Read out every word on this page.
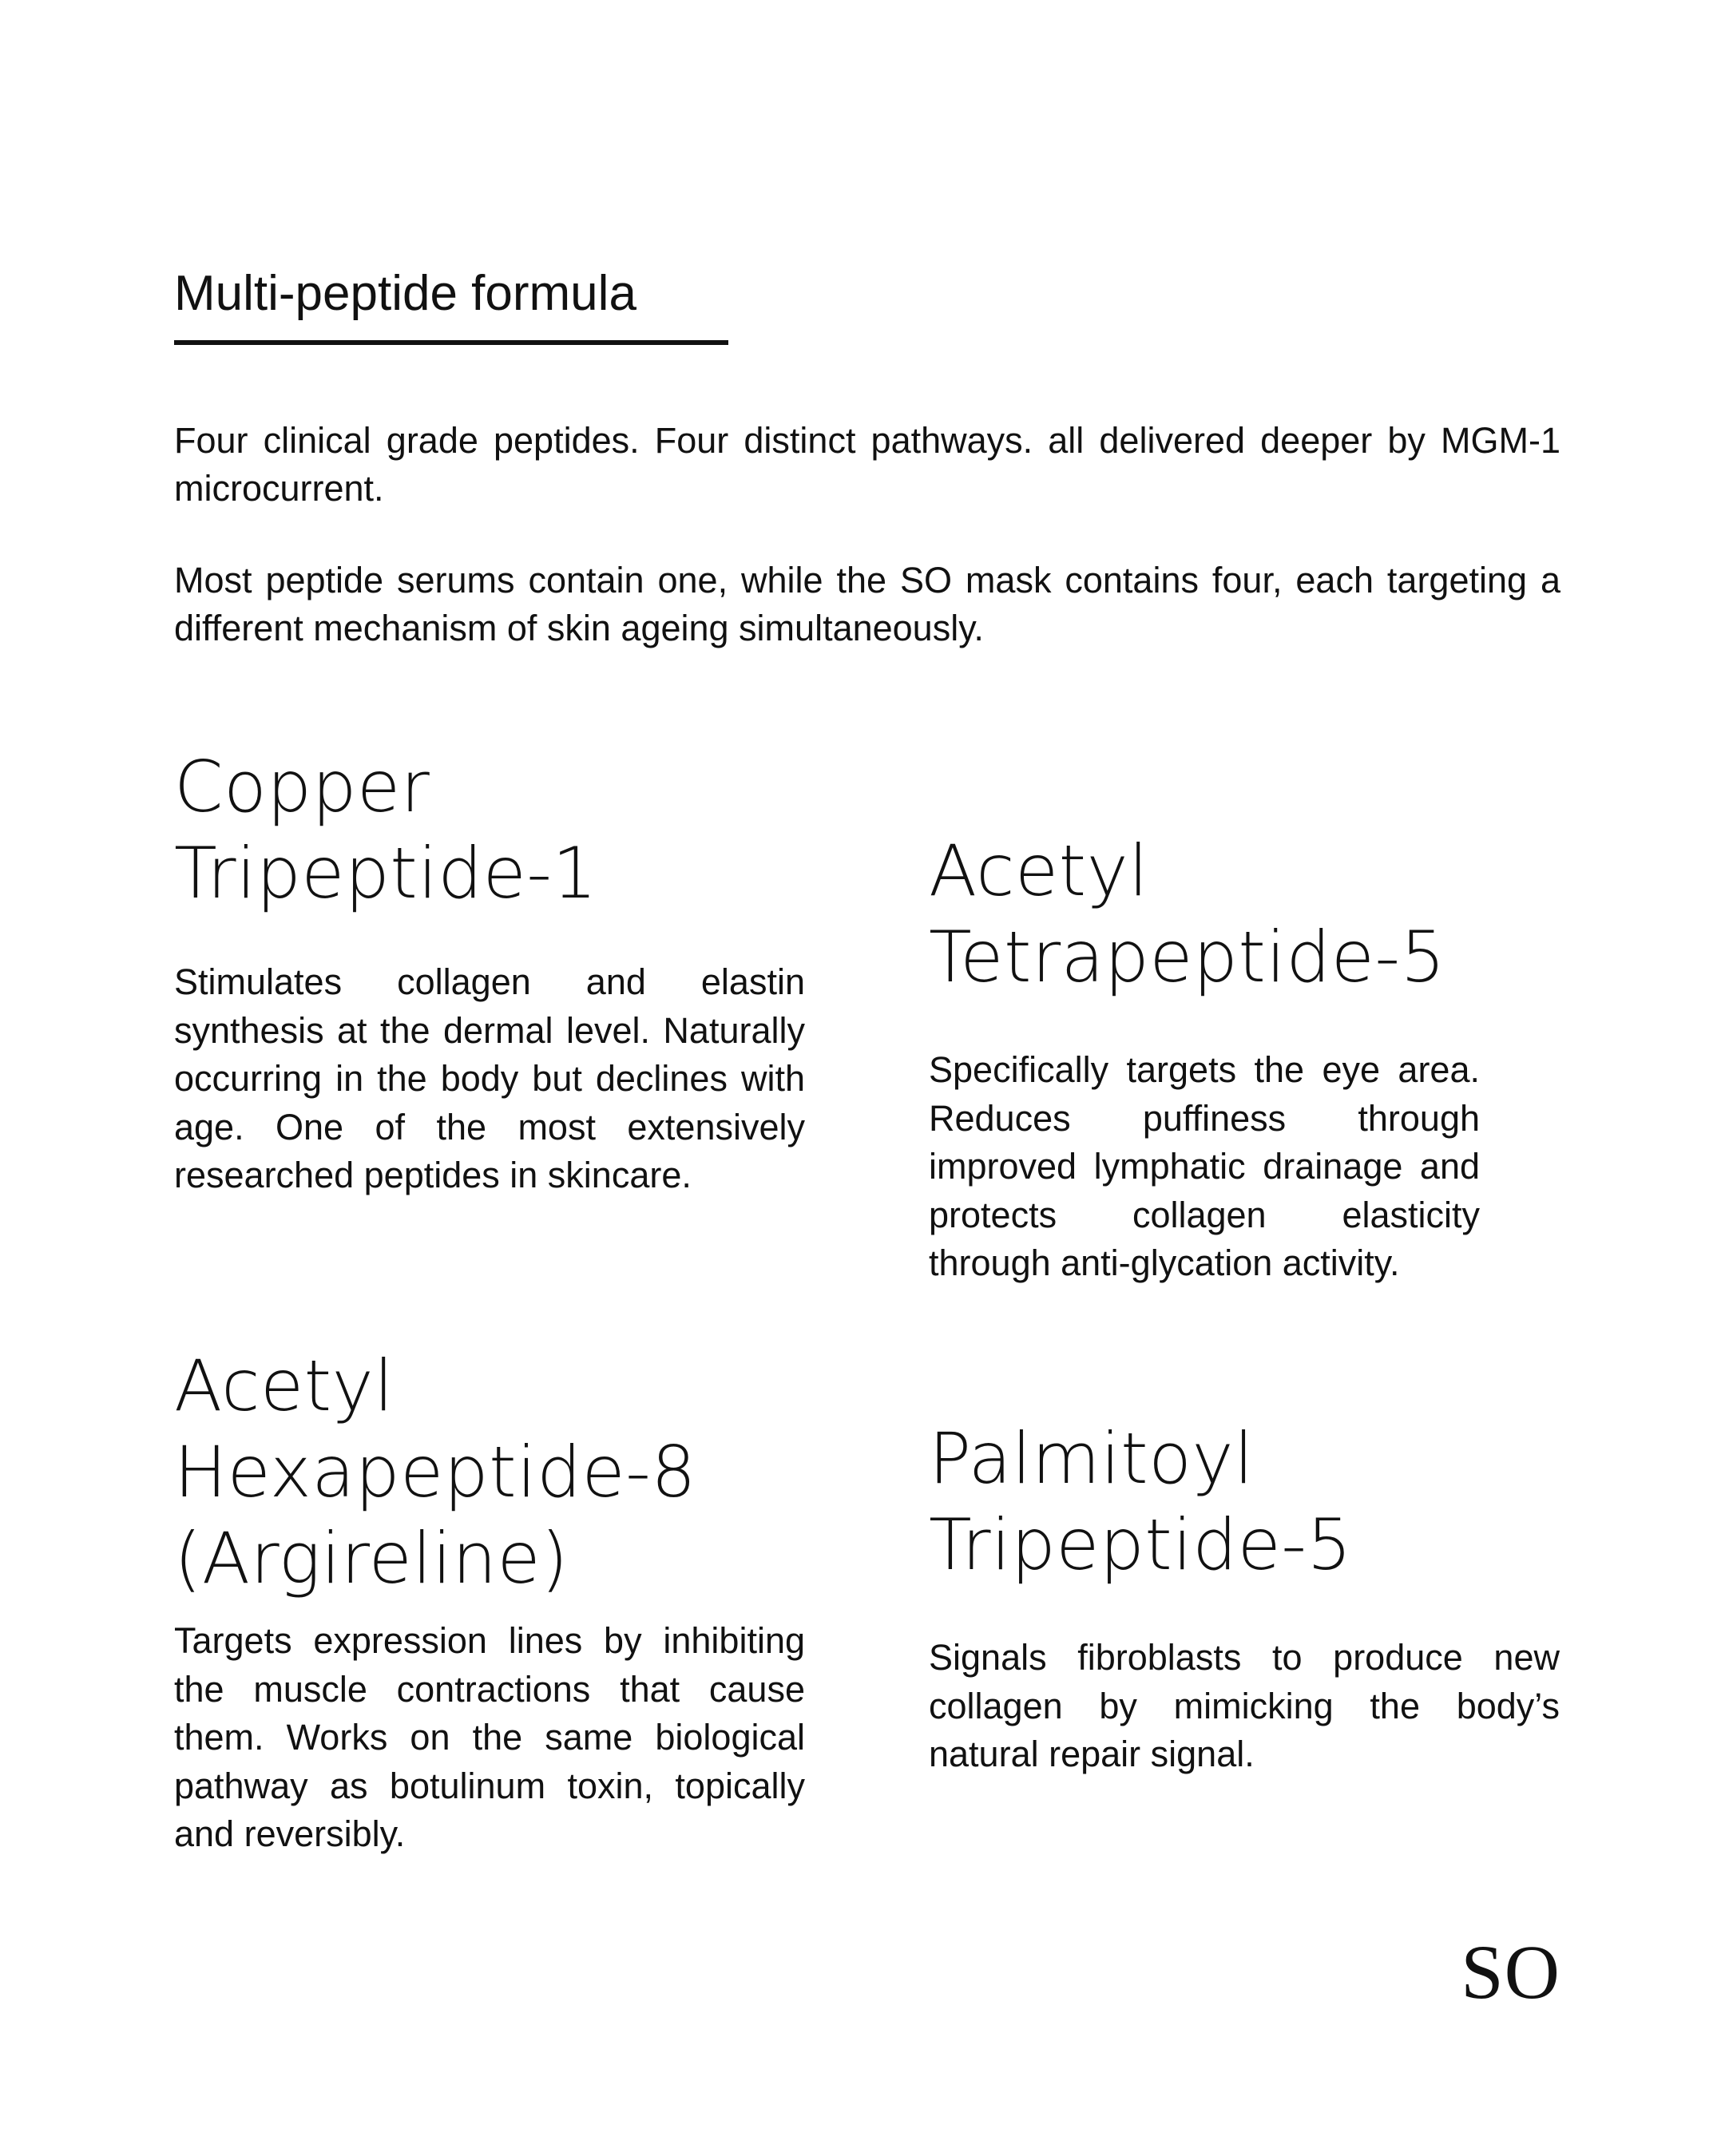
Multi-peptide formula

Four clinical grade peptides. Four distinct pathways. all delivered deeper by MGM-1 microcurrent.

Most peptide serums contain one, while the SO mask contains four, each targeting a different mechanism of skin ageing simultaneously.

Copper
Tripeptide-1

Stimulates collagen and elastin synthesis at the dermal level. Naturally occurring in the body but declines with age. One of the most extensively researched peptides in skincare.

Acetyl
Tetrapeptide-5

Specifically targets the eye area. Reduces puffiness through improved lymphatic drainage and protects collagen elasticity through anti-glycation activity.

Acetyl
Hexapeptide-8
(Argireline)

Targets expression lines by inhibiting the muscle contractions that cause them. Works on the same biological pathway as botulinum toxin, topically and reversibly.

Palmitoyl
Tripeptide-5

Signals fibroblasts to produce new collagen by mimicking the body’s natural repair signal.

SO
